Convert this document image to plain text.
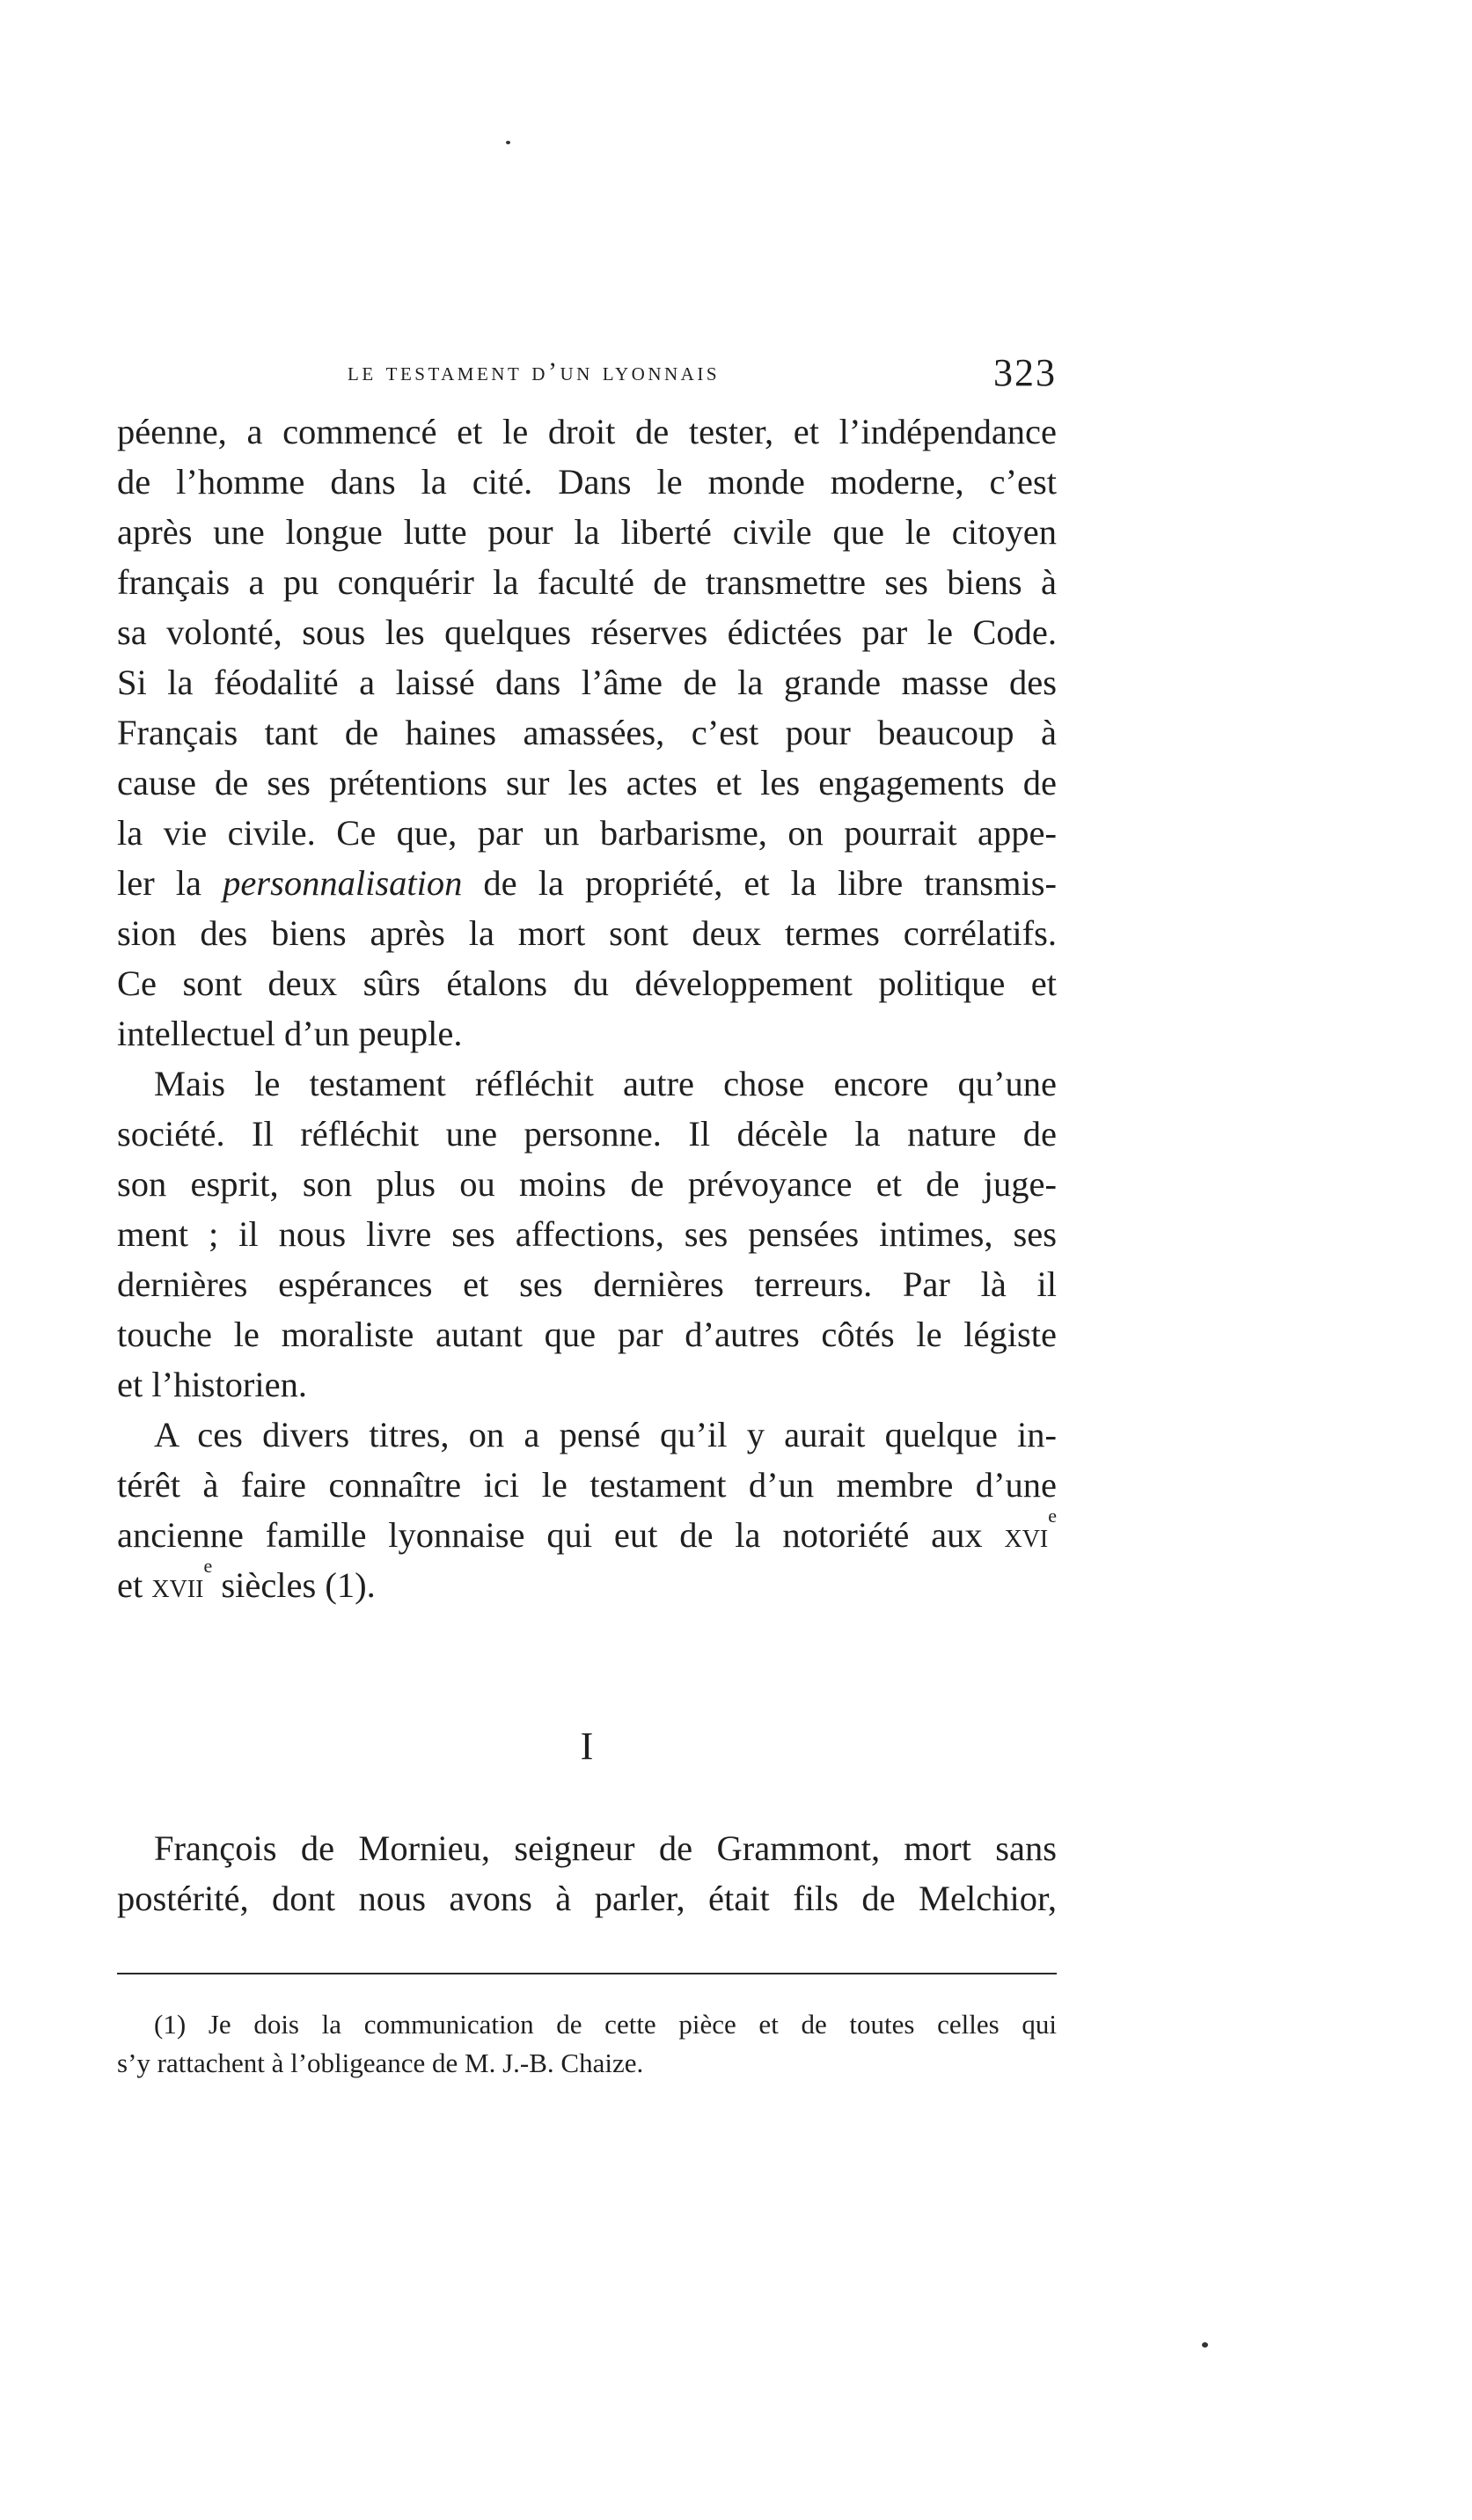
le testament d’un lyonnais	323
péenne, a commencé et le droit de tester, et l’indépendance
de l’homme dans la cité. Dans le monde moderne, c’est
après une longue lutte pour la liberté civile que le citoyen
français a pu conquérir la faculté de transmettre ses biens à
sa volonté, sous les quelques réserves édictées par le Code.
Si la féodalité a laissé dans l’âme de la grande masse des
Français tant de haines amassées, c’est pour beaucoup à
cause de ses prétentions sur les actes et les engagements de
la vie civile. Ce que, par un barbarisme, on pourrait appe-
ler la personnalisation de la propriété, et la libre transmis-
sion des biens après la mort sont deux termes corrélatifs.
Ce sont deux sûrs étalons du développement politique et
intellectuel d’un peuple.
Mais le testament réfléchit autre chose encore qu’une
société. Il réfléchit une personne. Il décèle la nature de
son esprit, son plus ou moins de prévoyance et de juge-
ment ; il nous livre ses affections, ses pensées intimes, ses
dernières espérances et ses dernières terreurs. Par là il
touche le moraliste autant que par d’autres côtés le légiste
et l’historien.
A ces divers titres, on a pensé qu’il y aurait quelque in-
térêt à faire connaître ici le testament d’un membre d’une
ancienne famille lyonnaise qui eut de la notoriété aux xvi$^e$
et xvii$^e$ siècles (1).
I
François de Mornieu, seigneur de Grammont, mort sans
postérité, dont nous avons à parler, était fils de Melchior,
(1) Je dois la communication de cette pièce et de toutes celles qui
s’y rattachent à l’obligeance de M. J.-B. Chaize.
